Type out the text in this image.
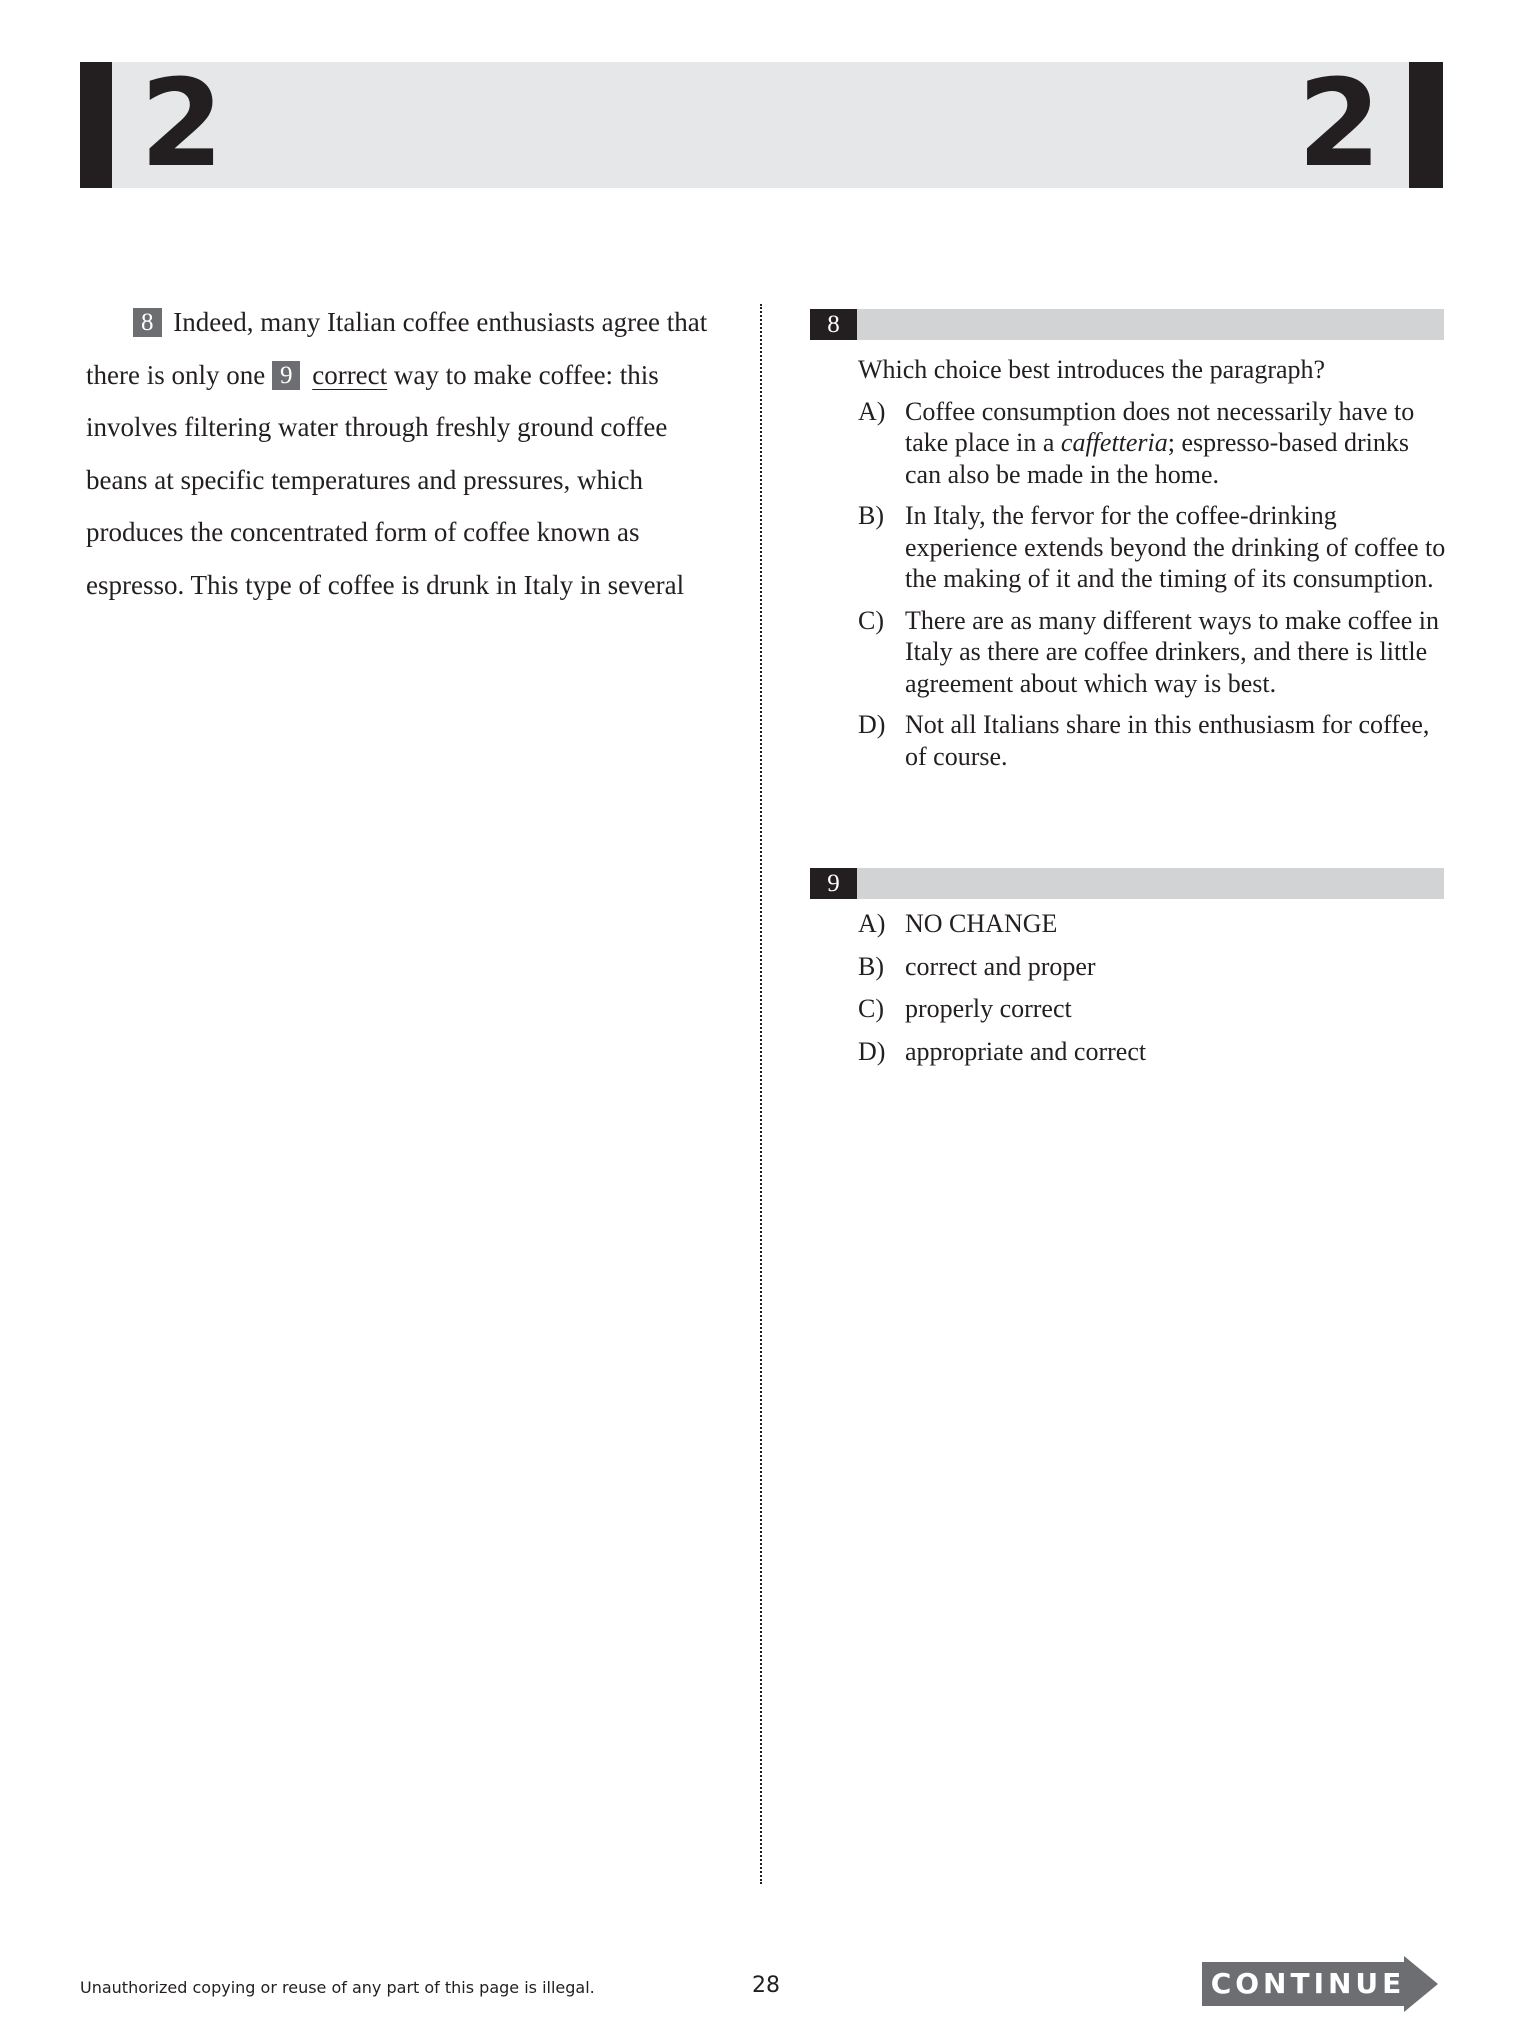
2	2

8 Indeed, many Italian coffee enthusiasts agree that there is only one 9 correct way to make coffee: this involves filtering water through freshly ground coffee beans at specific temperatures and pressures, which produces the concentrated form of coffee known as espresso. This type of coffee is drunk in Italy in several

8

Which choice best introduces the paragraph?

A) Coffee consumption does not necessarily have to take place in a caffetteria; espresso-based drinks can also be made in the home.
B) In Italy, the fervor for the coffee-drinking experience extends beyond the drinking of coffee to the making of it and the timing of its consumption.
C) There are as many different ways to make coffee in Italy as there are coffee drinkers, and there is little agreement about which way is best.
D) Not all Italians share in this enthusiasm for coffee, of course.
9
A) NO CHANGE
B) correct and proper
C) properly correct
D) appropriate and correct
Unauthorized copying or reuse of any part of this page is illegal.	28	CONTINUE
